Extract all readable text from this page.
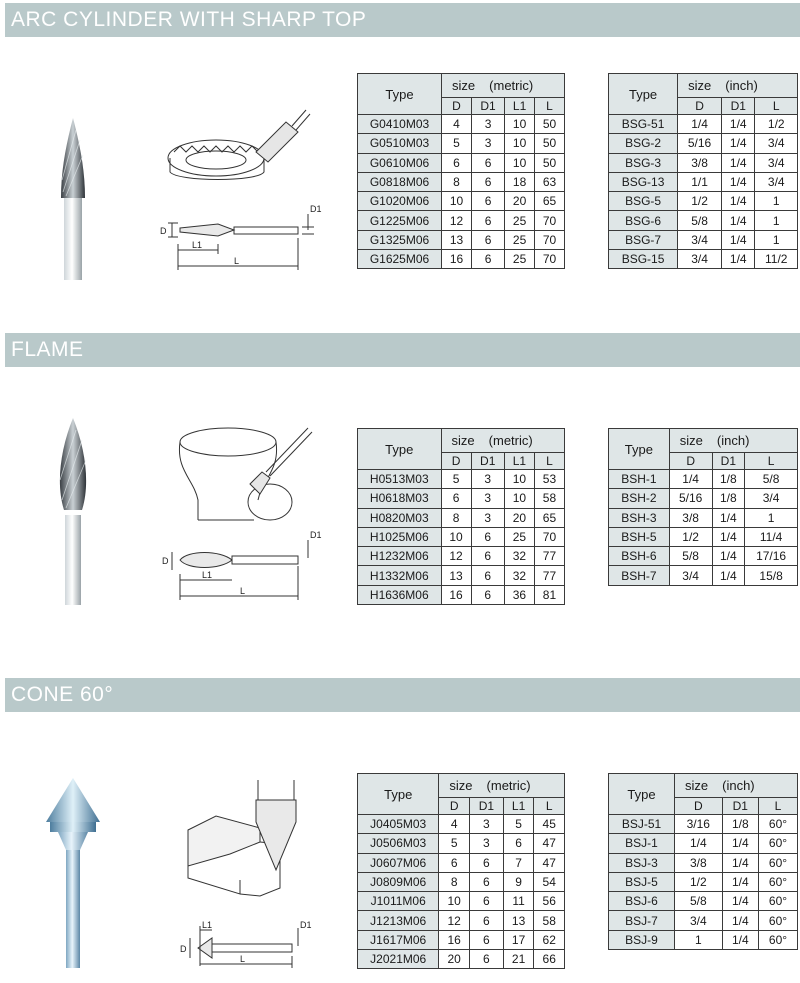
ARC CYLINDER WITH SHARP TOP
FLAME
CONE 60°
D
D1
L1
L
D
D1
L1
L
D
D1
L1
L
Type	size (metric)			
	D	D1	L1	L
G0410M03	4	3	10	50
G0510M03	5	3	10	50
G0610M06	6	6	10	50
G0818M06	8	6	18	63
G1020M06	10	6	20	65
G1225M06	12	6	25	70
G1325M06	13	6	25	70
G1625M06	16	6	25	70
Type	size (inch)		
	D	D1	L
BSG-51	1/4	1/4	1/2
BSG-2	5/16	1/4	3/4
BSG-3	3/8	1/4	3/4
BSG-13	1/1	1/4	3/4
BSG-5	1/2	1/4	1
BSG-6	5/8	1/4	1
BSG-7	3/4	1/4	1
BSG-15	3/4	1/4	11/2
Type	size (metric)			
	D	D1	L1	L
H0513M03	5	3	10	53
H0618M03	6	3	10	58
H0820M03	8	3	20	65
H1025M06	10	6	25	70
H1232M06	12	6	32	77
H1332M06	13	6	32	77
H1636M06	16	6	36	81
Type	size (inch)		
	D	D1	L
BSH-1	1/4	1/8	5/8
BSH-2	5/16	1/8	3/4
BSH-3	3/8	1/4	1
BSH-5	1/2	1/4	11/4
BSH-6	5/8	1/4	17/16
BSH-7	3/4	1/4	15/8
Type	size (metric)			
	D	D1	L1	L
J0405M03	4	3	5	45
J0506M03	5	3	6	47
J0607M06	6	6	7	47
J0809M06	8	6	9	54
J1011M06	10	6	11	56
J1213M06	12	6	13	58
J1617M06	16	6	17	62
J2021M06	20	6	21	66
Type	size (inch)		
	D	D1	L
BSJ-51	3/16	1/8	60°
BSJ-1	1/4	1/4	60°
BSJ-3	3/8	1/4	60°
BSJ-5	1/2	1/4	60°
BSJ-6	5/8	1/4	60°
BSJ-7	3/4	1/4	60°
BSJ-9	1	1/4	60°
